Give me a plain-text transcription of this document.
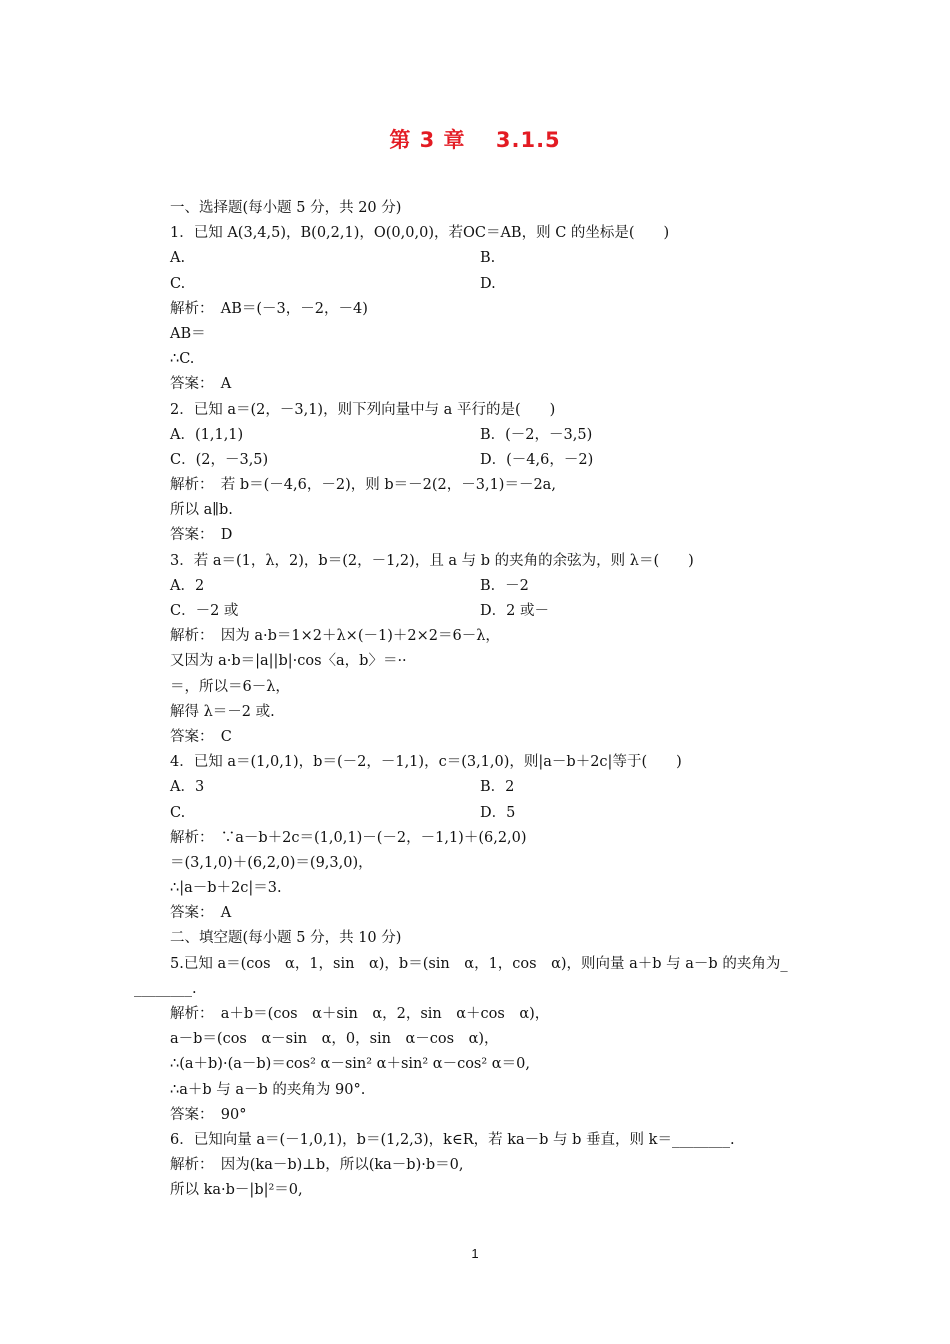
第 3 章　 3.1.5
一、选择题(每小题 5 分，共 20 分)
1．已知 A(3,4,5)，B(0,2,1)，O(0,0,0)，若OC＝AB，则 C 的坐标是(　　)
A.	B.
C.	D.
解析：　AB＝(－3，－2，－4)
AB＝
∴C.
答案：　A
2．已知 a＝(2，－3,1)，则下列向量中与 a 平行的是(　　)
A．(1,1,1)	B．(－2，－3,5)
C．(2，－3,5)	D．(－4,6，－2)
解析：　若 b＝(－4,6，－2)，则 b＝－2(2，－3,1)＝－2a,
所以 a∥b.
答案：　D
3．若 a＝(1，λ，2)，b＝(2，－1,2)，且 a 与 b 的夹角的余弦为，则 λ＝(　　)
A．2	B．－2
C．－2 或	D．2 或－
解析：　因为 a·b＝1×2＋λ×(－1)＋2×2＝6－λ，
又因为 a·b＝|a||b|·cos〈a，b〉＝··
＝，所以＝6－λ，
解得 λ＝－2 或.
答案：　C
4．已知 a＝(1,0,1)，b＝(－2，－1,1)，c＝(3,1,0)，则|a－b＋2c|等于(　　)
A．3	B．2
C.	D．5
解析：　∵a－b＋2c＝(1,0,1)－(－2，－1,1)＋(6,2,0)
＝(3,1,0)＋(6,2,0)＝(9,3,0)，
∴|a－b＋2c|＝3.
答案：　A
二、填空题(每小题 5 分，共 10 分)
5.已知 a＝(cos　α，1，sin　α)，b＝(sin　α，1，cos　α)，则向量 a＋b 与 a－b 的夹角为_
________.
解析：　a＋b＝(cos　α＋sin　α，2，sin　α＋cos　α)，
a－b＝(cos　α－sin　α，0，sin　α－cos　α)，
∴(a＋b)·(a－b)＝cos² α－sin² α＋sin² α－cos² α＝0,
∴a＋b 与 a－b 的夹角为 90°.
答案：　90°
6．已知向量 a＝(－1,0,1)，b＝(1,2,3)，k∈R，若 ka－b 与 b 垂直，则 k＝________.
解析：　因为(ka－b)⊥b，所以(ka－b)·b＝0,
所以 ka·b－|b|²＝0,
1
